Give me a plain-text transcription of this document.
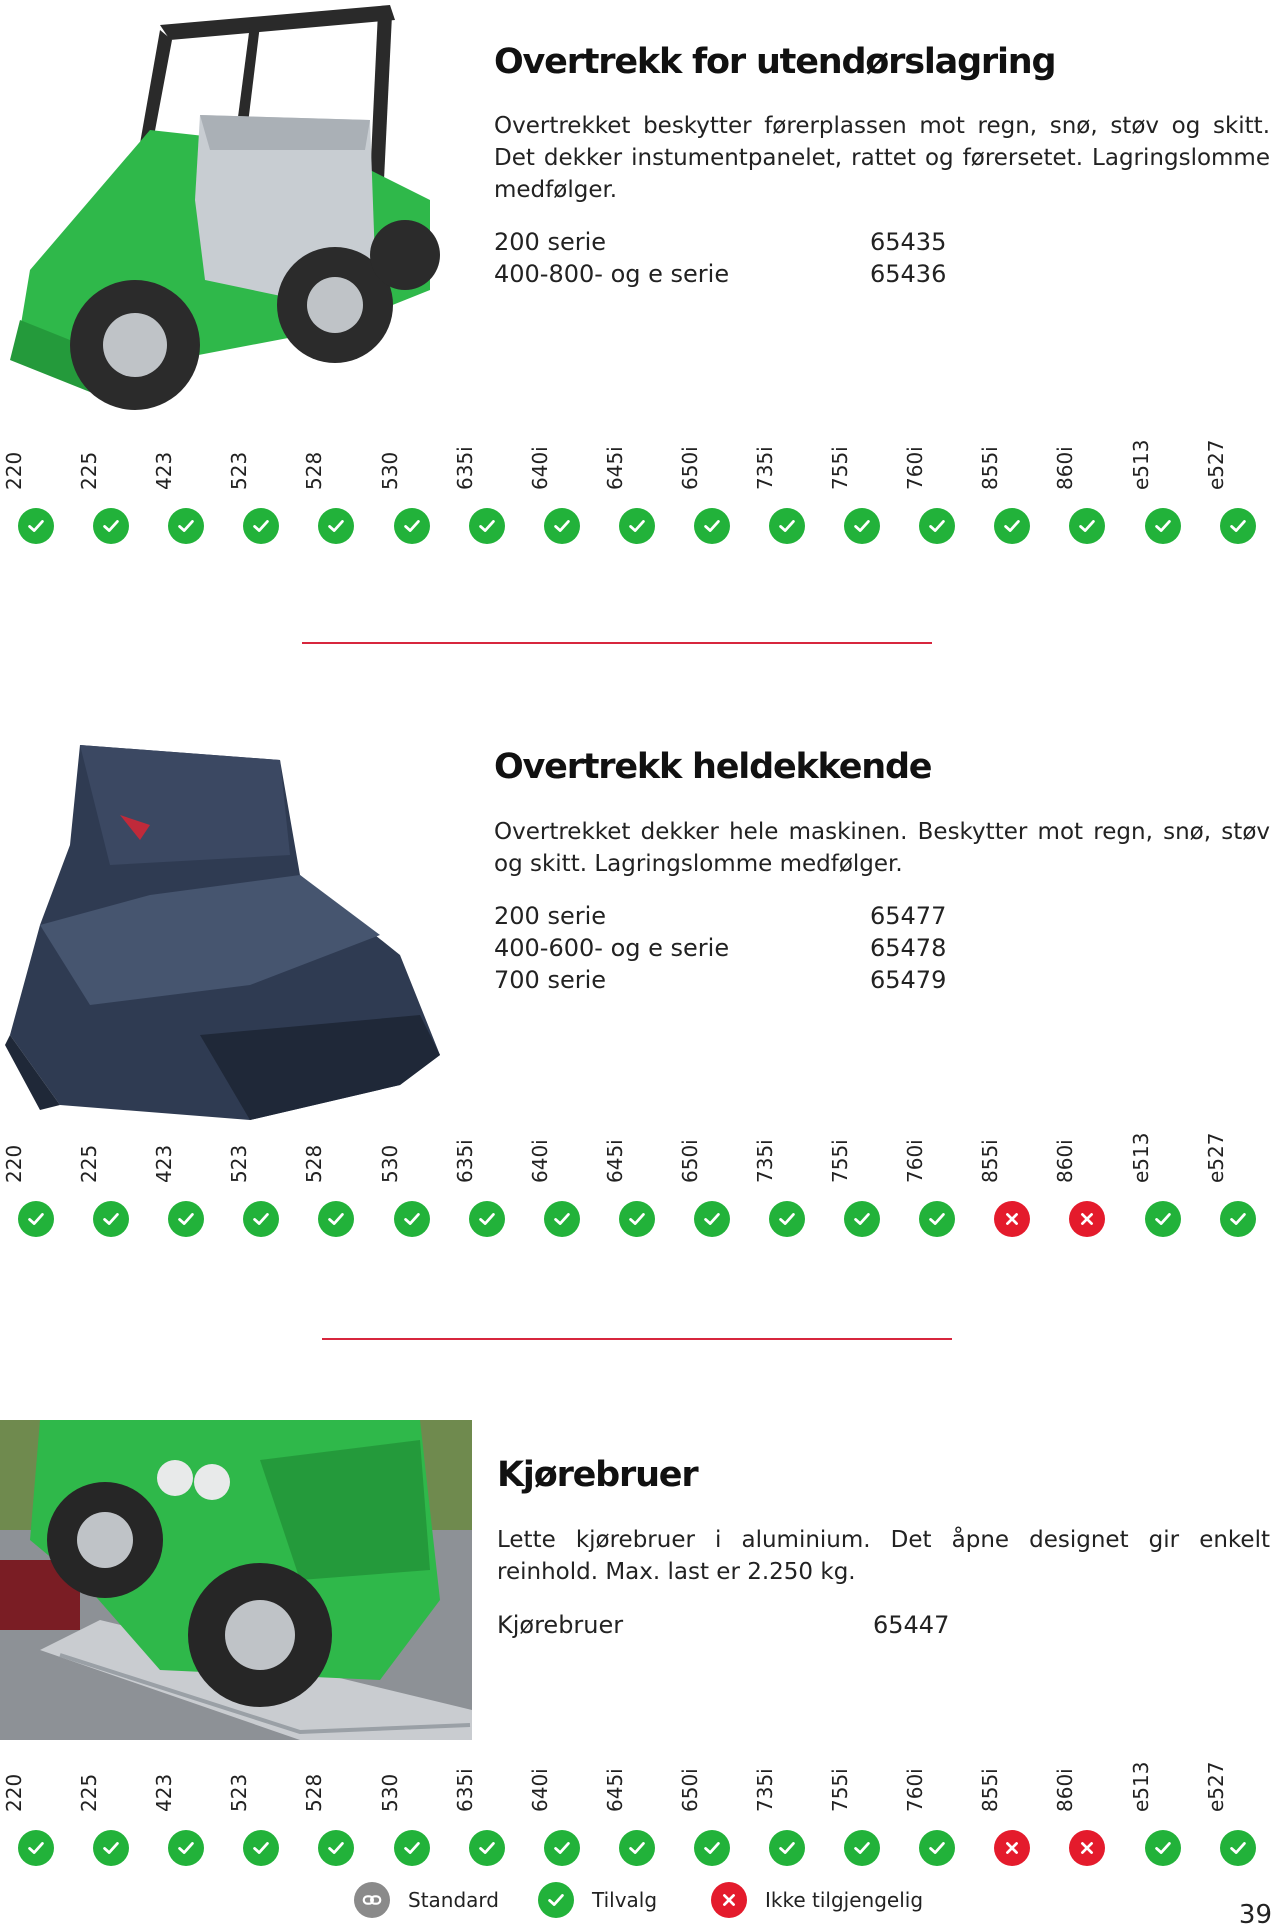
Overtrekk for utendørslagring
Overtrekket beskytter førerplassen mot regn, snø, støv og skitt. Det dekker instumentpanelet, rattet og førersetet. Lagringslomme medfølger.
200 serie	65435
400-800- og e serie	65436
220	225	423	523	528	530	635i	640i	645i	650i	735i	755i	760i	855i	860i	e513	e527
Overtrekk heldekkende
Overtrekket dekker hele maskinen. Beskytter mot regn, snø, støv og skitt. Lagringslomme medfølger.
200 serie	65477
400-600- og e serie	65478
700 serie	65479
220	225	423	523	528	530	635i	640i	645i	650i	735i	755i	760i	855i	860i	e513	e527
Kjørebruer
Lette kjørebruer i aluminium. Det åpne designet gir enkelt reinhold. Max. last er 2.250 kg.
Kjørebruer	65447
220	225	423	523	528	530	635i	640i	645i	650i	735i	755i	760i	855i	860i	e513	e527
Standard	Tilvalg	Ikke tilgjengelig	39
